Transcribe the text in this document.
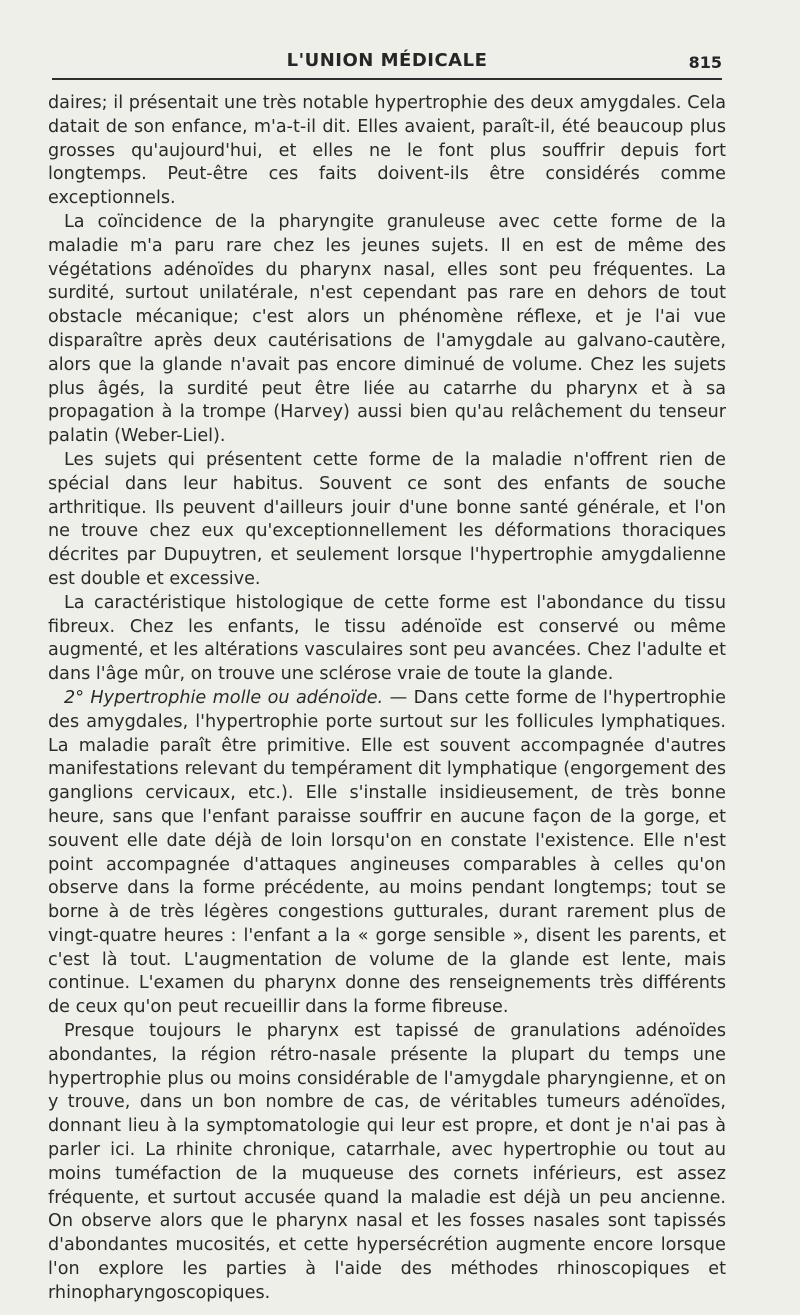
L'UNION MÉDICALE	815

daires; il présentait une très notable hypertrophie des deux amygdales. Cela datait de son enfance, m'a-t-il dit. Elles avaient, paraît-il, été beaucoup plus grosses qu'aujourd'hui, et elles ne le font plus souffrir depuis fort longtemps. Peut-être ces faits doivent-ils être considérés comme exceptionnels.

La coïncidence de la pharyngite granuleuse avec cette forme de la maladie m'a paru rare chez les jeunes sujets. Il en est de même des végétations adénoïdes du pharynx nasal, elles sont peu fréquentes. La surdité, surtout unilatérale, n'est cependant pas rare en dehors de tout obstacle mécanique; c'est alors un phénomène réflexe, et je l'ai vue disparaître après deux cautérisations de l'amygdale au galvano-cautère, alors que la glande n'avait pas encore diminué de volume. Chez les sujets plus âgés, la surdité peut être liée au catarrhe du pharynx et à sa propagation à la trompe (Harvey) aussi bien qu'au relâchement du tenseur palatin (Weber-Liel).

Les sujets qui présentent cette forme de la maladie n'offrent rien de spécial dans leur habitus. Souvent ce sont des enfants de souche arthritique. Ils peuvent d'ailleurs jouir d'une bonne santé générale, et l'on ne trouve chez eux qu'exceptionnellement les déformations thoraciques décrites par Dupuytren, et seulement lorsque l'hypertrophie amygdalienne est double et excessive.

La caractéristique histologique de cette forme est l'abondance du tissu fibreux. Chez les enfants, le tissu adénoïde est conservé ou même augmenté, et les altérations vasculaires sont peu avancées. Chez l'adulte et dans l'âge mûr, on trouve une sclérose vraie de toute la glande.

2° Hypertrophie molle ou adénoïde. — Dans cette forme de l'hypertrophie des amygdales, l'hypertrophie porte surtout sur les follicules lymphatiques. La maladie paraît être primitive. Elle est souvent accompagnée d'autres manifestations relevant du tempérament dit lymphatique (engorgement des ganglions cervicaux, etc.). Elle s'installe insidieusement, de très bonne heure, sans que l'enfant paraisse souffrir en aucune façon de la gorge, et souvent elle date déjà de loin lorsqu'on en constate l'existence. Elle n'est point accompagnée d'attaques angineuses comparables à celles qu'on observe dans la forme précédente, au moins pendant longtemps; tout se borne à de très légères congestions gutturales, durant rarement plus de vingt-quatre heures : l'enfant a la « gorge sensible », disent les parents, et c'est là tout. L'augmentation de volume de la glande est lente, mais continue. L'examen du pharynx donne des renseignements très différents de ceux qu'on peut recueillir dans la forme fibreuse.

Presque toujours le pharynx est tapissé de granulations adénoïdes abondantes, la région rétro-nasale présente la plupart du temps une hypertrophie plus ou moins considérable de l'amygdale pharyngienne, et on y trouve, dans un bon nombre de cas, de véritables tumeurs adénoïdes, donnant lieu à la symptomatologie qui leur est propre, et dont je n'ai pas à parler ici. La rhinite chronique, catarrhale, avec hypertrophie ou tout au moins tuméfaction de la muqueuse des cornets inférieurs, est assez fréquente, et surtout accusée quand la maladie est déjà un peu ancienne. On observe alors que le pharynx nasal et les fosses nasales sont tapissés d'abondantes mucosités, et cette hypersécrétion augmente encore lorsque l'on explore les parties à l'aide des méthodes rhinoscopiques et rhinopharyngoscopiques.
